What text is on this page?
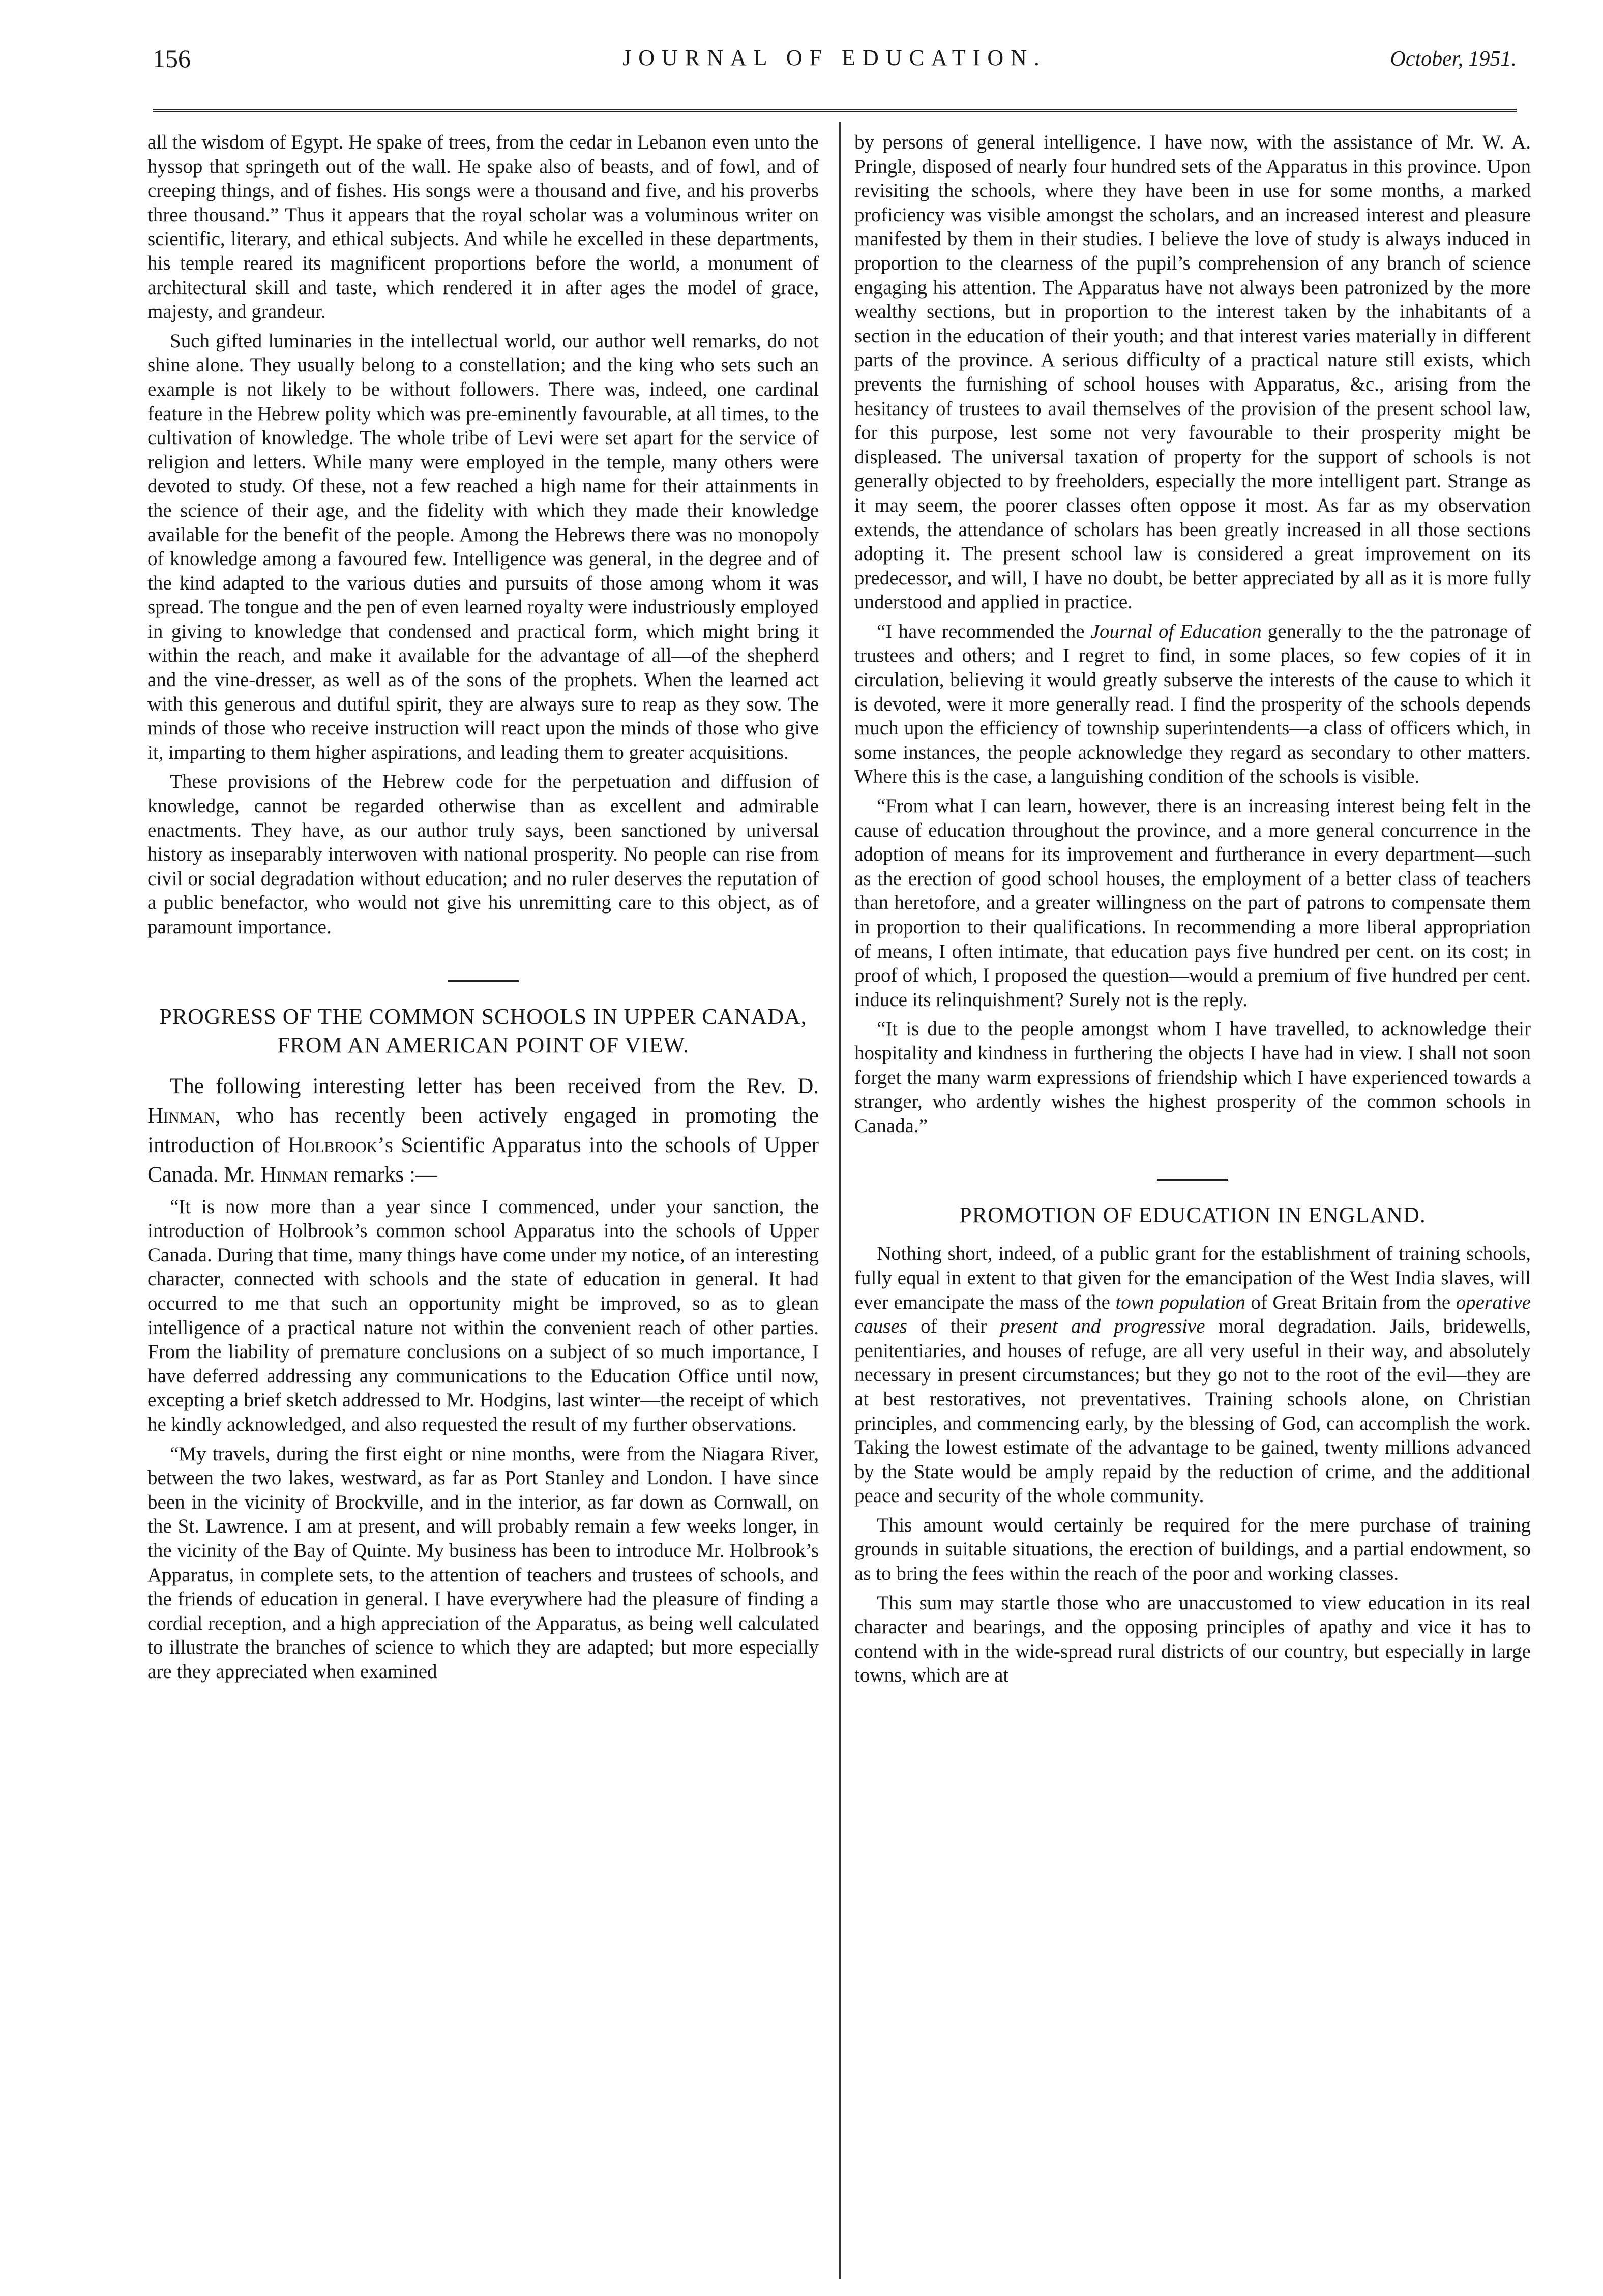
156	JOURNAL OF EDUCATION.	October, 1951.

all the wisdom of Egypt. He spake of trees, from the cedar in Lebanon even unto the hyssop that springeth out of the wall. He spake also of beasts, and of fowl, and of creeping things, and of fishes. His songs were a thousand and five, and his proverbs three thousand.” Thus it appears that the royal scholar was a voluminous writer on scientific, literary, and ethical subjects. And while he excelled in these departments, his temple reared its magnificent proportions before the world, a monument of architectural skill and taste, which rendered it in after ages the model of grace, majesty, and grandeur.

Such gifted luminaries in the intellectual world, our author well remarks, do not shine alone. They usually belong to a constellation; and the king who sets such an example is not likely to be without followers. There was, indeed, one cardinal feature in the Hebrew polity which was pre-eminently favourable, at all times, to the cultivation of knowledge. The whole tribe of Levi were set apart for the service of religion and letters. While many were employed in the temple, many others were devoted to study. Of these, not a few reached a high name for their attainments in the science of their age, and the fidelity with which they made their knowledge available for the benefit of the people. Among the Hebrews there was no monopoly of knowledge among a favoured few. Intelligence was general, in the degree and of the kind adapted to the various duties and pursuits of those among whom it was spread. The tongue and the pen of even learned royalty were industriously employed in giving to knowledge that condensed and practical form, which might bring it within the reach, and make it available for the advantage of all—of the shepherd and the vine-dresser, as well as of the sons of the prophets. When the learned act with this generous and dutiful spirit, they are always sure to reap as they sow. The minds of those who receive instruction will react upon the minds of those who give it, imparting to them higher aspirations, and leading them to greater acquisitions.

These provisions of the Hebrew code for the perpetuation and diffusion of knowledge, cannot be regarded otherwise than as excellent and admirable enactments. They have, as our author truly says, been sanctioned by universal history as inseparably interwoven with national prosperity. No people can rise from civil or social degradation without education; and no ruler deserves the reputation of a public benefactor, who would not give his unremitting care to this object, as of paramount importance.

PROGRESS OF THE COMMON SCHOOLS IN UPPER CANADA, FROM AN AMERICAN POINT OF VIEW.

The following interesting letter has been received from the Rev. D. Hinman, who has recently been actively engaged in promoting the introduction of Holbrook’s Scientific Apparatus into the schools of Upper Canada. Mr. Hinman remarks :—

“It is now more than a year since I commenced, under your sanction, the introduction of Holbrook’s common school Apparatus into the schools of Upper Canada. During that time, many things have come under my notice, of an interesting character, connected with schools and the state of education in general. It had occurred to me that such an opportunity might be improved, so as to glean intelligence of a practical nature not within the convenient reach of other parties. From the liability of premature conclusions on a subject of so much importance, I have deferred addressing any communications to the Education Office until now, excepting a brief sketch addressed to Mr. Hodgins, last winter—the receipt of which he kindly acknowledged, and also requested the result of my further observations.

“My travels, during the first eight or nine months, were from the Niagara River, between the two lakes, westward, as far as Port Stanley and London. I have since been in the vicinity of Brockville, and in the interior, as far down as Cornwall, on the St. Lawrence. I am at present, and will probably remain a few weeks longer, in the vicinity of the Bay of Quinte. My business has been to introduce Mr. Holbrook’s Apparatus, in complete sets, to the attention of teachers and trustees of schools, and the friends of education in general. I have everywhere had the pleasure of finding a cordial reception, and a high appreciation of the Apparatus, as being well calculated to illustrate the branches of science to which they are adapted; but more especially are they appreciated when examined

by persons of general intelligence. I have now, with the assistance of Mr. W. A. Pringle, disposed of nearly four hundred sets of the Apparatus in this province. Upon revisiting the schools, where they have been in use for some months, a marked proficiency was visible amongst the scholars, and an increased interest and pleasure manifested by them in their studies. I believe the love of study is always induced in proportion to the clearness of the pupil’s comprehension of any branch of science engaging his attention. The Apparatus have not always been patronized by the more wealthy sections, but in proportion to the interest taken by the inhabitants of a section in the education of their youth; and that interest varies materially in different parts of the province. A serious difficulty of a practical nature still exists, which prevents the furnishing of school houses with Apparatus, &c., arising from the hesitancy of trustees to avail themselves of the provision of the present school law, for this purpose, lest some not very favourable to their prosperity might be displeased. The universal taxation of property for the support of schools is not generally objected to by freeholders, especially the more intelligent part. Strange as it may seem, the poorer classes often oppose it most. As far as my observation extends, the attendance of scholars has been greatly increased in all those sections adopting it. The present school law is considered a great improvement on its predecessor, and will, I have no doubt, be better appreciated by all as it is more fully understood and applied in practice.

“I have recommended the Journal of Education generally to the the patronage of trustees and others; and I regret to find, in some places, so few copies of it in circulation, believing it would greatly subserve the interests of the cause to which it is devoted, were it more generally read. I find the prosperity of the schools depends much upon the efficiency of township superintendents—a class of officers which, in some instances, the people acknowledge they regard as secondary to other matters. Where this is the case, a languishing condition of the schools is visible.

“From what I can learn, however, there is an increasing interest being felt in the cause of education throughout the province, and a more general concurrence in the adoption of means for its improvement and furtherance in every department—such as the erection of good school houses, the employment of a better class of teachers than heretofore, and a greater willingness on the part of patrons to compensate them in proportion to their qualifications. In recommending a more liberal appropriation of means, I often intimate, that education pays five hundred per cent. on its cost; in proof of which, I proposed the question—would a premium of five hundred per cent. induce its relinquishment? Surely not is the reply.

“It is due to the people amongst whom I have travelled, to acknowledge their hospitality and kindness in furthering the objects I have had in view. I shall not soon forget the many warm expressions of friendship which I have experienced towards a stranger, who ardently wishes the highest prosperity of the common schools in Canada.”

PROMOTION OF EDUCATION IN ENGLAND.

Nothing short, indeed, of a public grant for the establishment of training schools, fully equal in extent to that given for the emancipation of the West India slaves, will ever emancipate the mass of the town population of Great Britain from the operative causes of their present and progressive moral degradation. Jails, bridewells, penitentiaries, and houses of refuge, are all very useful in their way, and absolutely necessary in present circumstances; but they go not to the root of the evil—they are at best restoratives, not preventatives. Training schools alone, on Christian principles, and commencing early, by the blessing of God, can accomplish the work. Taking the lowest estimate of the advantage to be gained, twenty millions advanced by the State would be amply repaid by the reduction of crime, and the additional peace and security of the whole community.

This amount would certainly be required for the mere purchase of training grounds in suitable situations, the erection of buildings, and a partial endowment, so as to bring the fees within the reach of the poor and working classes.

This sum may startle those who are unaccustomed to view education in its real character and bearings, and the opposing principles of apathy and vice it has to contend with in the wide-spread rural districts of our country, but especially in large towns, which are at
